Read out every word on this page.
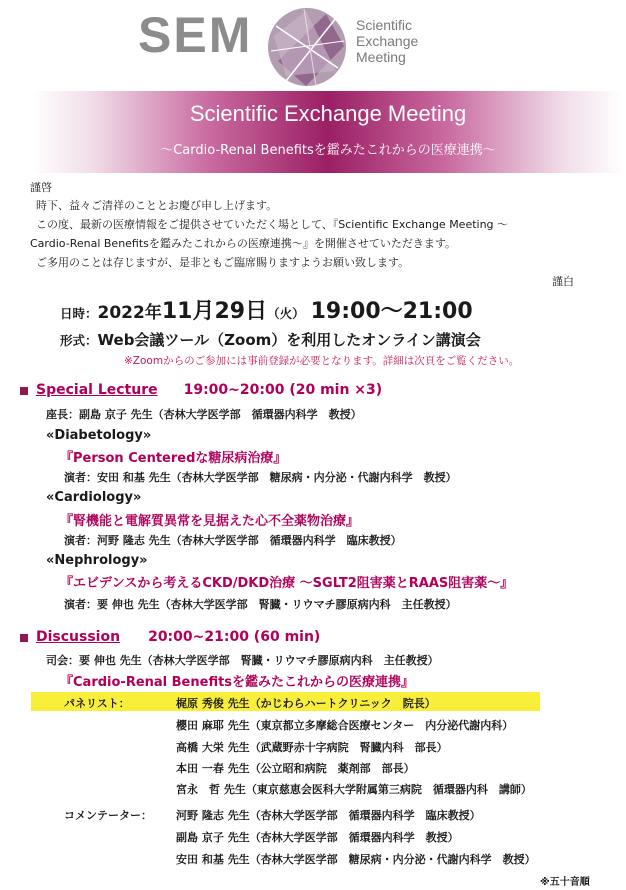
SEM	Scientific
Exchange
Meeting
Scientific Exchange Meeting
～Cardio-Renal Benefitsを鑑みたこれからの医療連携～
謹啓
時下、益々ご清祥のこととお慶び申し上げます。
この度、最新の医療情報をご提供させていただく場として、『Scientific Exchange Meeting ～
Cardio-Renal Benefitsを鑑みたこれからの医療連携～』を開催させていただきます。
ご多用のことは存じますが、是非ともご臨席賜りますようお願い致します。
謹白
日時：2022年11月29日（火） 19:00～21:00
形式：Web会議ツール（Zoom）を利用したオンライン講演会
※Zoomからのご参加には事前登録が必要となります。詳細は次頁をご覧ください。
Special Lecture 19:00~20:00 (20 min ×3)
座長：副島 京子 先生（杏林大学医学部　循環器内科学　教授）
«Diabetology»
『Person Centeredな糖尿病治療』
演者：安田 和基 先生（杏林大学医学部　糖尿病・内分泌・代謝内科学　教授）
«Cardiology»
『腎機能と電解質異常を見据えた心不全薬物治療』
演者：河野 隆志 先生（杏林大学医学部　循環器内科学　臨床教授）
«Nephrology»
『エビデンスから考えるCKD/DKD治療 ～SGLT2阻害薬とRAAS阻害薬～』
演者：要 伸也 先生（杏林大学医学部　腎臓・リウマチ膠原病内科　主任教授）
Discussion 20:00~21:00 (60 min)
司会：要 伸也 先生（杏林大学医学部　腎臓・リウマチ膠原病内科　主任教授）
『Cardio-Renal Benefitsを鑑みたこれからの医療連携』
パネリスト：	梶原 秀俊 先生（かじわらハートクリニック　院長）
櫻田 麻耶 先生（東京都立多摩総合医療センター　内分泌代謝内科）
高橋 大栄 先生（武蔵野赤十字病院　腎臓内科　部長）
本田 一春 先生（公立昭和病院　薬剤部　部長）
宮永　哲 先生（東京慈恵会医科大学附属第三病院　循環器内科　講師）
コメンテーター： 河野 隆志 先生（杏林大学医学部　循環器内科学　臨床教授）
副島 京子 先生（杏林大学医学部　循環器内科学　教授）
安田 和基 先生（杏林大学医学部　糖尿病・内分泌・代謝内科学　教授）
※五十音順
